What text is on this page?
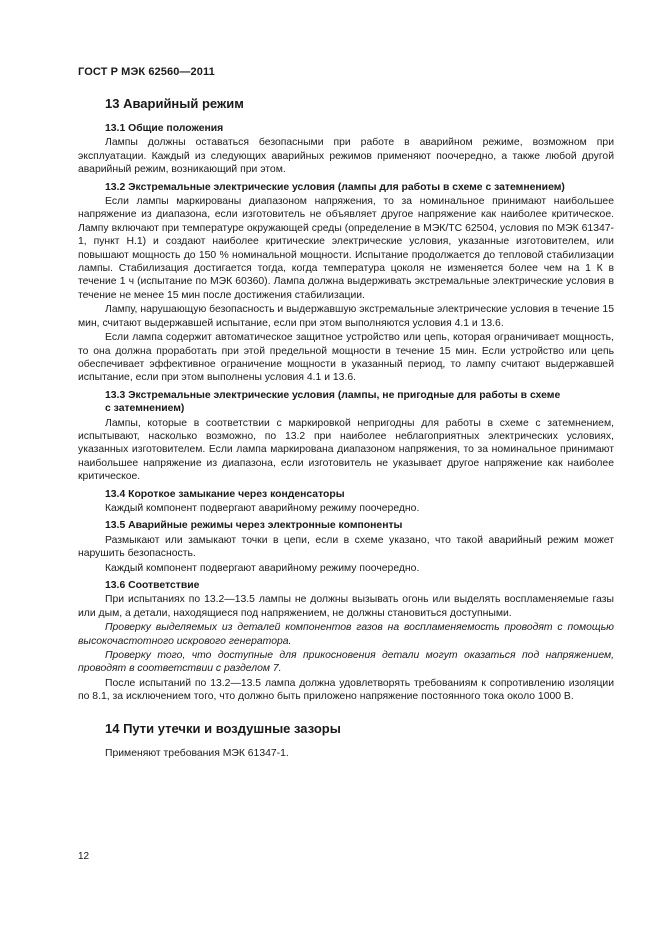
ГОСТ Р МЭК 62560—2011
13 Аварийный режим
13.1 Общие положения

Лампы должны оставаться безопасными при работе в аварийном режиме, возможном при эксплуатации. Каждый из следующих аварийных режимов применяют поочередно, а также любой другой аварийный режим, возникающий при этом.

13.2 Экстремальные электрические условия (лампы для работы в схеме с затемнением)

Если лампы маркированы диапазоном напряжения, то за номинальное принимают наибольшее напряжение из диапазона, если изготовитель не объявляет другое напряжение как наиболее критическое. Лампу включают при температуре окружающей среды (определение в МЭК/ТС 62504, условия по МЭК 61347-1, пункт Н.1) и создают наиболее критические электрические условия, указанные изготовителем, или повышают мощность до 150 % номинальной мощности. Испытание продолжается до тепловой стабилизации лампы. Стабилизация достигается тогда, когда температура цоколя не изменяется более чем на 1 К в течение 1 ч (испытание по МЭК 60360). Лампа должна выдерживать экстремальные электрические условия в течение не менее 15 мин после достижения стабилизации.

Лампу, нарушающую безопасность и выдержавшую экстремальные электрические условия в течение 15 мин, считают выдержавшей испытание, если при этом выполняются условия 4.1 и 13.6.

Если лампа содержит автоматическое защитное устройство или цепь, которая ограничивает мощность, то она должна проработать при этой предельной мощности в течение 15 мин. Если устройство или цепь обеспечивает эффективное ограничение мощности в указанный период, то лампу считают выдержавшей испытание, если при этом выполнены условия 4.1 и 13.6.

13.3 Экстремальные электрические условия (лампы, не пригодные для работы в схеме
с затемнением)

Лампы, которые в соответствии с маркировкой непригодны для работы в схеме с затемнением, испытывают, насколько возможно, по 13.2 при наиболее неблагоприятных электрических условиях, указанных изготовителем. Если лампа маркирована диапазоном напряжения, то за номинальное принимают наибольшее напряжение из диапазона, если изготовитель не указывает другое напряжение как наиболее критическое.

13.4 Короткое замыкание через конденсаторы

Каждый компонент подвергают аварийному режиму поочередно.

13.5 Аварийные режимы через электронные компоненты

Размыкают или замыкают точки в цепи, если в схеме указано, что такой аварийный режим может нарушить безопасность.

Каждый компонент подвергают аварийному режиму поочередно.

13.6 Соответствие

При испытаниях по 13.2—13.5 лампы не должны вызывать огонь или выделять воспламеняемые газы или дым, а детали, находящиеся под напряжением, не должны становиться доступными.

Проверку выделяемых из деталей компонентов газов на воспламеняемость проводят с помощью высокочастотного искрового генератора.

Проверку того, что доступные для прикосновения детали могут оказаться под напряжением, проводят в соответствии с разделом 7.

После испытаний по 13.2—13.5 лампа должна удовлетворять требованиям к сопротивлению изоляции по 8.1, за исключением того, что должно быть приложено напряжение постоянного тока около 1000 В.

14 Пути утечки и воздушные зазоры

Применяют требования МЭК 61347-1.

12
